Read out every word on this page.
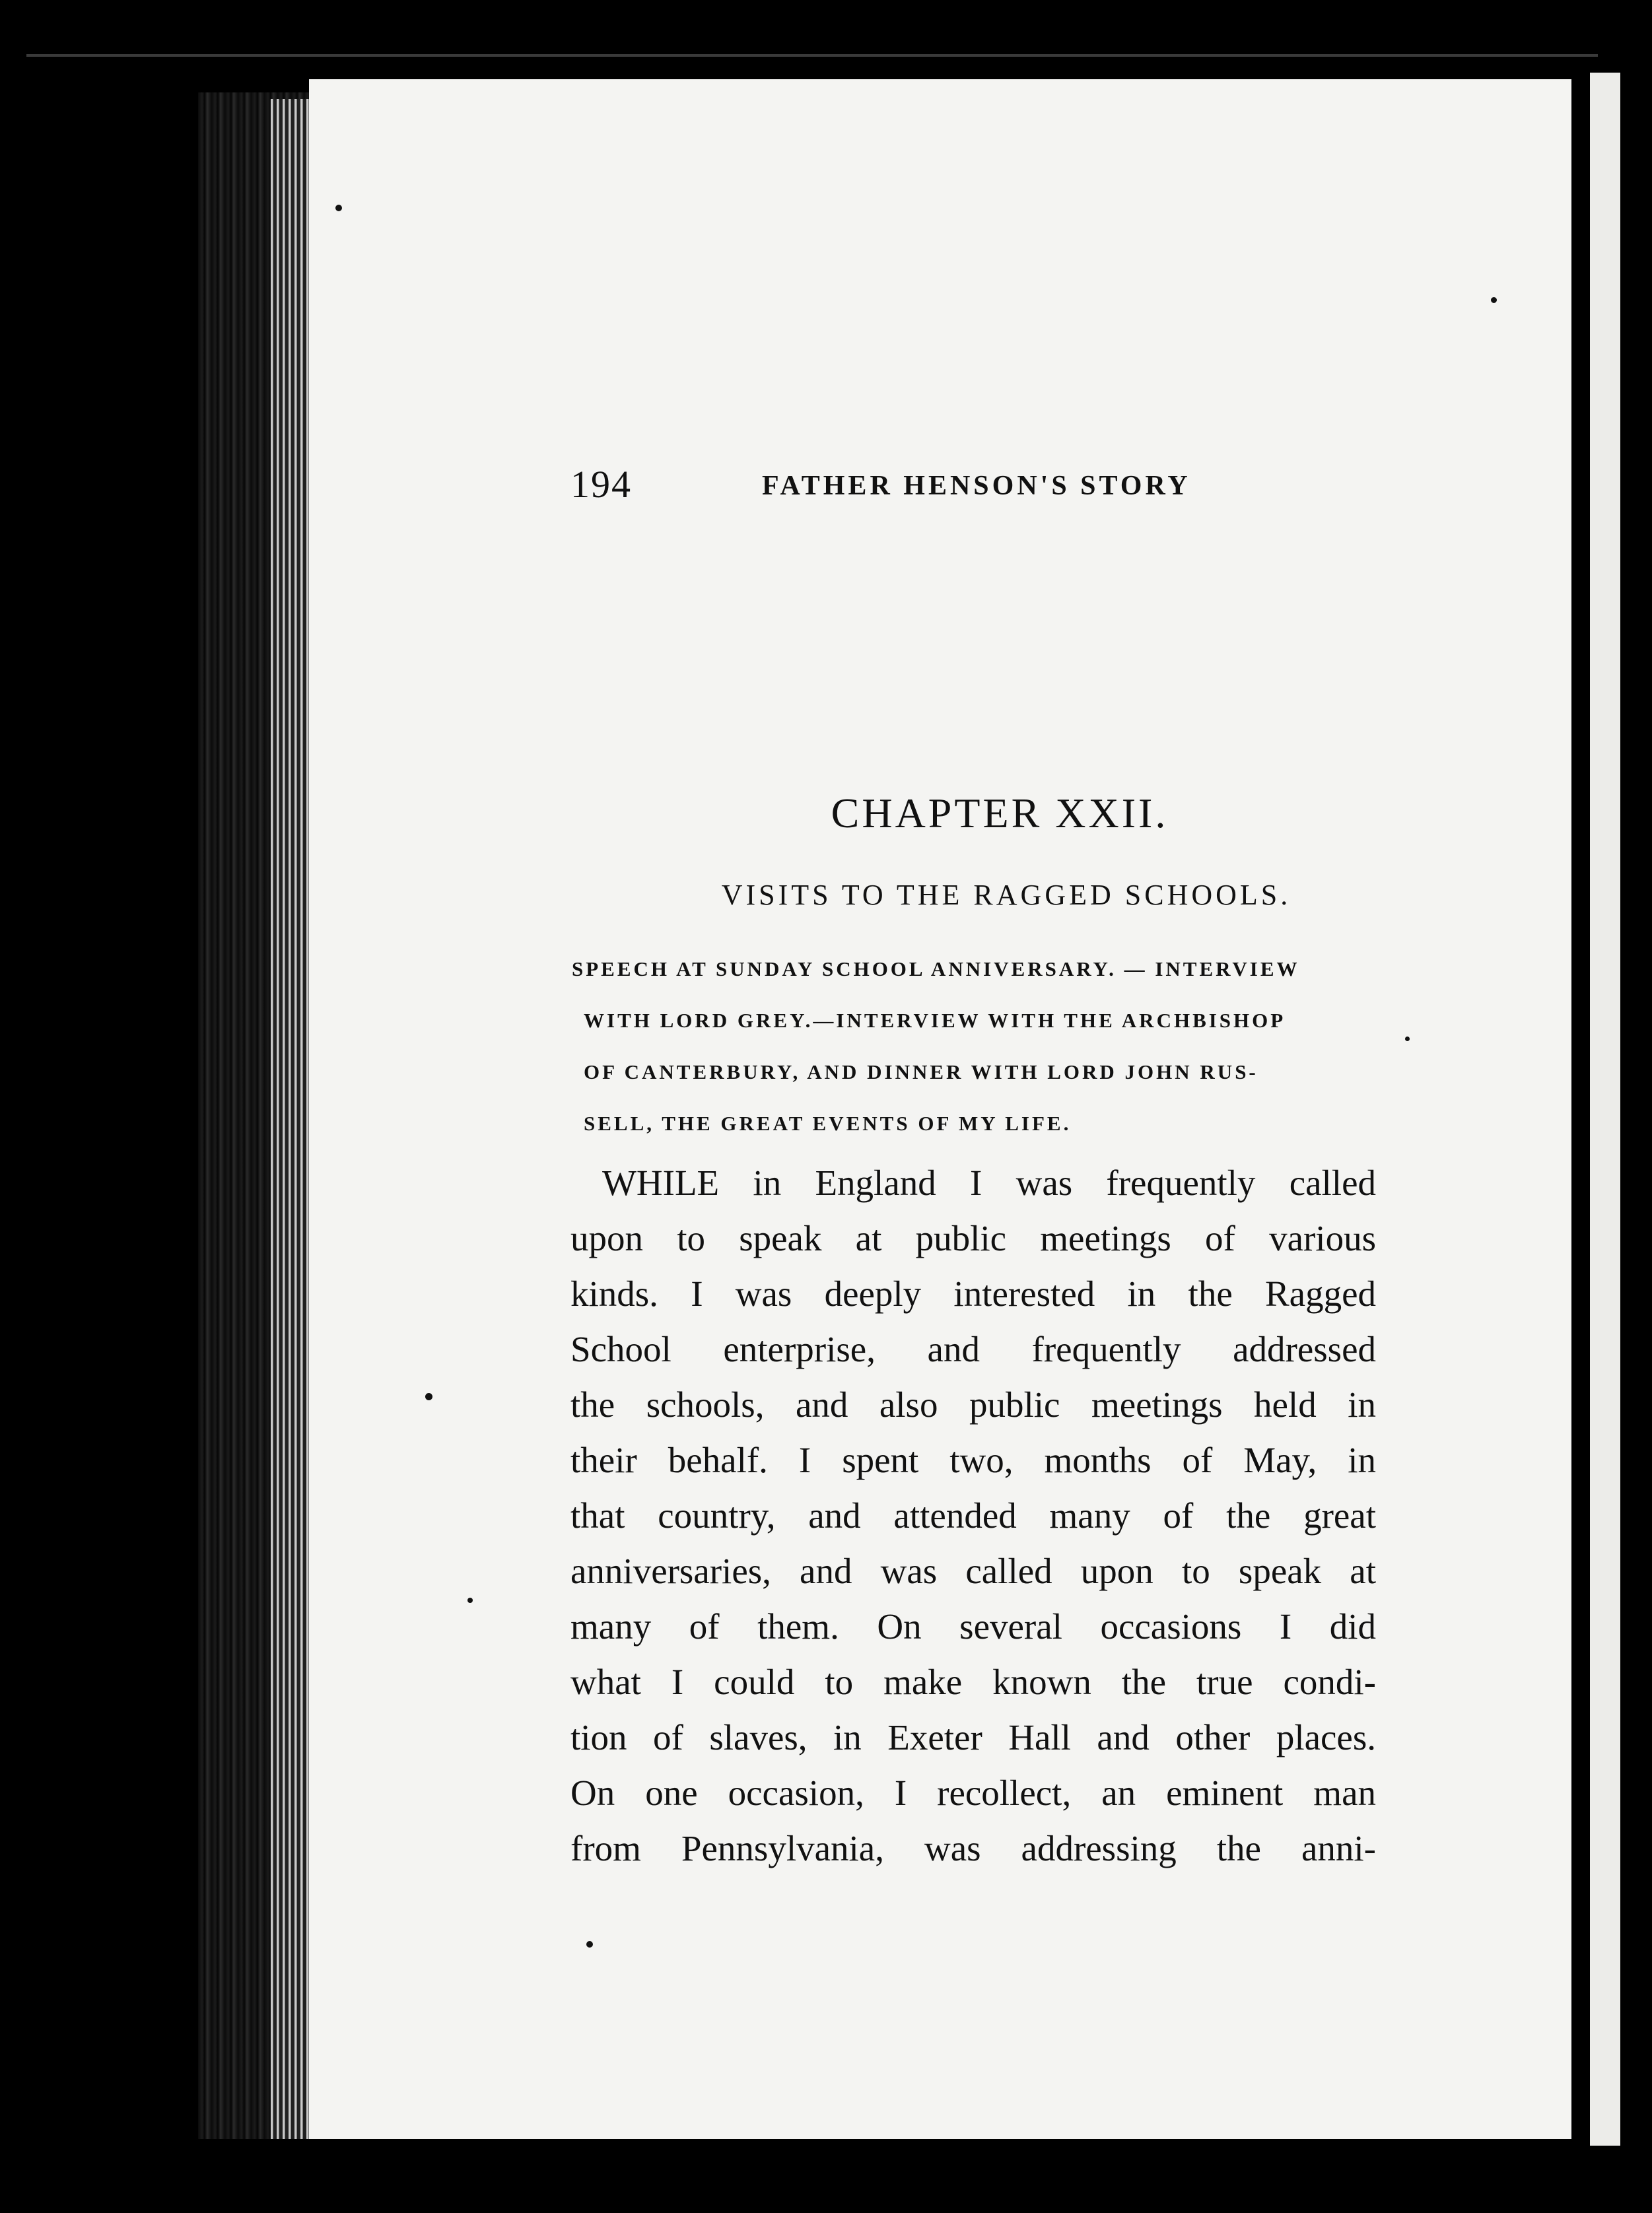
194	FATHER HENSON'S STORY
CHAPTER XXII.
VISITS TO THE RAGGED SCHOOLS.
SPEECH AT SUNDAY SCHOOL ANNIVERSARY. — INTERVIEW
WITH LORD GREY.—INTERVIEW WITH THE ARCHBISHOP
OF CANTERBURY, AND DINNER WITH LORD JOHN RUS-
SELL, THE GREAT EVENTS OF MY LIFE.
WHILE in England I was frequently called
upon to speak at public meetings of various
kinds. I was deeply interested in the Ragged
School enterprise, and frequently addressed
the schools, and also public meetings held in
their behalf. I spent two, months of May, in
that country, and attended many of the great
anniversaries, and was called upon to speak at
many of them. On several occasions I did
what I could to make known the true condi-
tion of slaves, in Exeter Hall and other places.
On one occasion, I recollect, an eminent man
from Pennsylvania, was addressing the anni-
